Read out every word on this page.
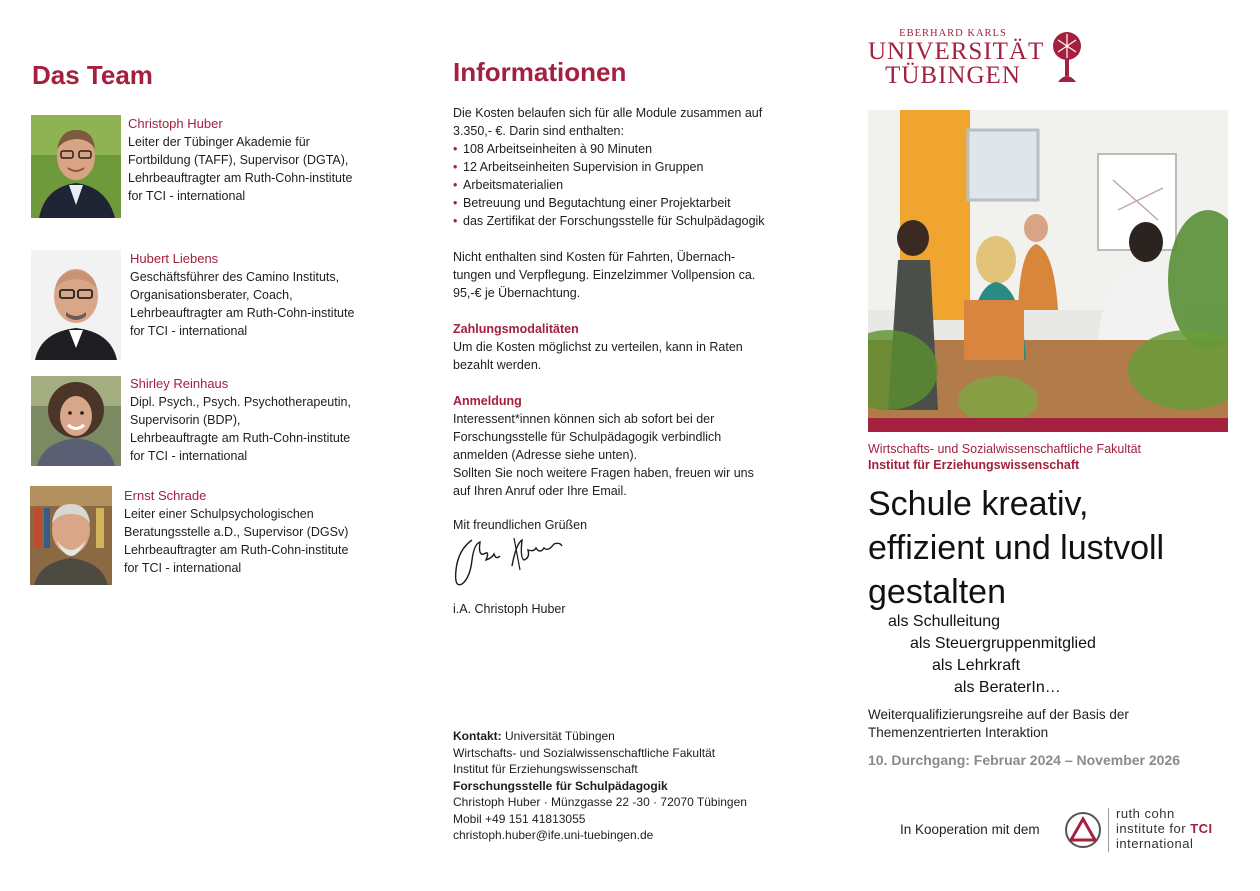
Das Team
Christoph Huber
Leiter der Tübinger Akademie für
Fortbildung (TAFF), Supervisor (DGTA),
Lehrbeauftragter am Ruth-Cohn-institute
for TCI - international
Hubert Liebens
Geschäftsführer des Camino Instituts,
Organisationsberater, Coach,
Lehrbeauftragter am Ruth-Cohn-institute
for TCI - international
Shirley Reinhaus
Dipl. Psych., Psych. Psychotherapeutin,
Supervisorin (BDP),
Lehrbeauftragte am Ruth-Cohn-institute
for TCI - international
Ernst Schrade
Leiter einer Schulpsychologischen
Beratungsstelle a.D., Supervisor (DGSv)
Lehrbeauftragter am Ruth-Cohn-institute
for TCI - international
Informationen

Die Kosten belaufen sich für alle Module zusammen auf

3.350,- €. Darin sind enthalten:

• 108 Arbeitseinheiten à 90 Minuten
• 12 Arbeitseinheiten Supervision in Gruppen
• Arbeitsmaterialien
• Betreuung und Begutachtung einer Projektarbeit
• das Zertifikat der Forschungsstelle für Schulpädagogik

Nicht enthalten sind Kosten für Fahrten, Übernach-

tungen und Verpflegung. Einzelzimmer Vollpension ca.

95,-€ je Übernachtung.

Zahlungsmodalitäten

Um die Kosten möglichst zu verteilen, kann in Raten

bezahlt werden.

Anmeldung

Interessent*innen können sich ab sofort bei der

Forschungsstelle für Schulpädagogik verbindlich

anmelden (Adresse siehe unten).

Sollten Sie noch weitere Fragen haben, freuen wir uns

auf Ihren Anruf oder Ihre Email.

Mit freundlichen Grüßen

i.A. Christoph Huber
Kontakt: Universität Tübingen
Wirtschafts- und Sozialwissenschaftliche Fakultät
Institut für Erziehungswissenschaft
Forschungsstelle für Schulpädagogik
Christoph Huber · Münzgasse 22 -30 · 72070 Tübingen
Mobil +49 151 41813055
christoph.huber@ife.uni-tuebingen.de
EBERHARD KARLS
UNIVERSITÄT
TÜBINGEN
Wirtschafts- und Sozialwissenschaftliche Fakultät
Institut für Erziehungswissenschaft
Schule kreativ,
effizient und lustvoll
gestalten
als Schulleitung
als Steuergruppenmitglied
als Lehrkraft
als BeraterIn…
Weiterqualifizierungsreihe auf der Basis der
Themenzentrierten Interaktion
10. Durchgang: Februar 2024 – November 2026
In Kooperation mit dem
ruth cohn
institute for TCI
international
